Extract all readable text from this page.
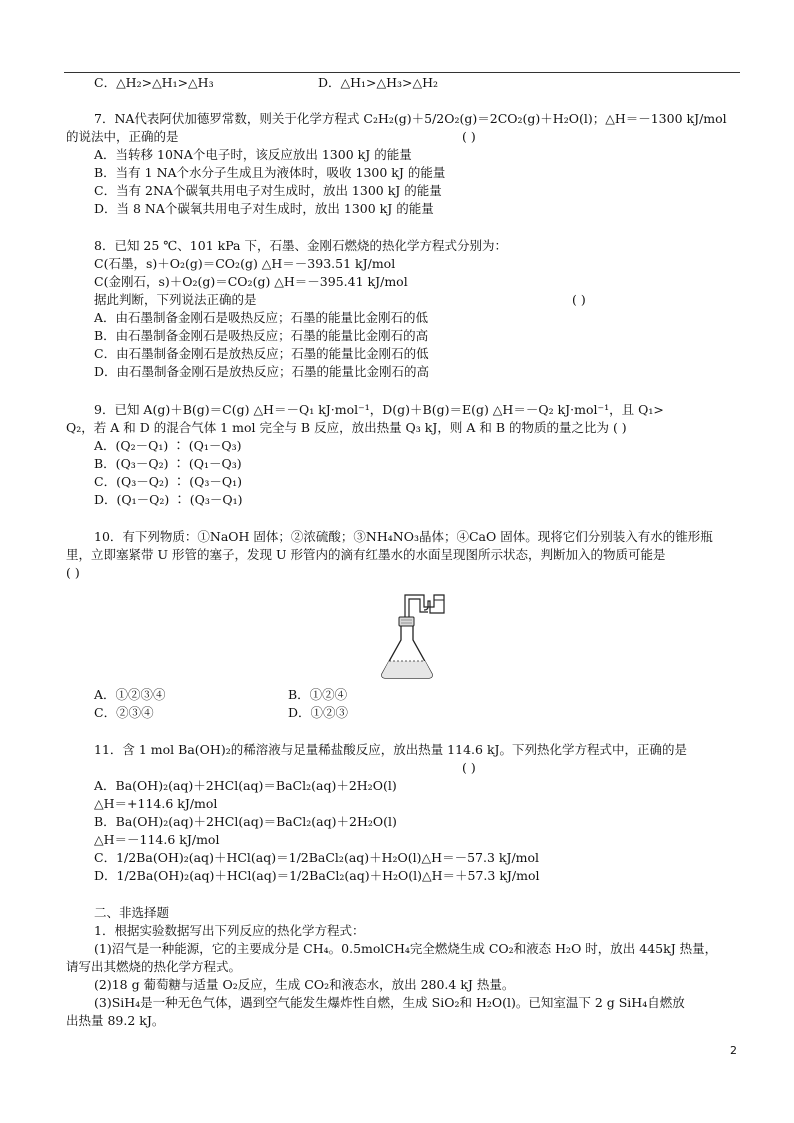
C．△H₂>△H₁>△H₃	D．△H₁>△H₃>△H₂
7．NA代表阿伏加德罗常数，则关于化学方程式 C₂H₂(g)＋5/2O₂(g)＝2CO₂(g)＋H₂O(l)；△H＝－1300 kJ/mol
的说法中，正确的是	( )
A．当转移 10NA个电子时，该反应放出 1300 kJ 的能量
B．当有 1 NA个水分子生成且为液体时，吸收 1300 kJ 的能量
C．当有 2NA个碳氧共用电子对生成时，放出 1300 kJ 的能量
D．当 8 NA个碳氧共用电子对生成时，放出 1300 kJ 的能量
8．已知 25 ℃、101 kPa 下，石墨、金刚石燃烧的热化学方程式分别为：
C(石墨，s)＋O₂(g)＝CO₂(g) △H＝－393.51 kJ/mol
C(金刚石，s)＋O₂(g)＝CO₂(g) △H＝－395.41 kJ/mol
据此判断，下列说法正确的是	( )
A．由石墨制备金刚石是吸热反应；石墨的能量比金刚石的低
B．由石墨制备金刚石是吸热反应；石墨的能量比金刚石的高
C．由石墨制备金刚石是放热反应；石墨的能量比金刚石的低
D．由石墨制备金刚石是放热反应；石墨的能量比金刚石的高
9．已知 A(g)＋B(g)＝C(g) △H＝－Q₁ kJ·mol⁻¹，D(g)＋B(g)＝E(g) △H＝－Q₂ kJ·mol⁻¹，且 Q₁>
Q₂，若 A 和 D 的混合气体 1 mol 完全与 B 反应，放出热量 Q₃ kJ，则 A 和 B 的物质的量之比为 ( )
A．(Q₂－Q₁) ∶ (Q₁－Q₃)
B．(Q₃－Q₂) ∶ (Q₁－Q₃)
C．(Q₃－Q₂) ∶ (Q₃－Q₁)
D．(Q₁－Q₂) ∶ (Q₃－Q₁)
10．有下列物质：①NaOH 固体；②浓硫酸；③NH₄NO₃晶体；④CaO 固体。现将它们分别装入有水的锥形瓶
里，立即塞紧带 U 形管的塞子，发现 U 形管内的滴有红墨水的水面呈现图所示状态，判断加入的物质可能是
( )
A．①②③④	B．①②④
C．②③④	D．①②③
11．含 1 mol Ba(OH)₂的稀溶液与足量稀盐酸反应，放出热量 114.6 kJ。下列热化学方程式中，正确的是
( )
A．Ba(OH)₂(aq)＋2HCl(aq)＝BaCl₂(aq)＋2H₂O(l)
△H＝+114.6 kJ/mol
B．Ba(OH)₂(aq)＋2HCl(aq)＝BaCl₂(aq)＋2H₂O(l)
△H＝－114.6 kJ/mol
C．1/2Ba(OH)₂(aq)＋HCl(aq)＝1/2BaCl₂(aq)＋H₂O(l)△H＝－57.3 kJ/mol
D．1/2Ba(OH)₂(aq)＋HCl(aq)＝1/2BaCl₂(aq)＋H₂O(l)△H＝＋57.3 kJ/mol
二、非选择题
1．根据实验数据写出下列反应的热化学方程式：
(1)沼气是一种能源，它的主要成分是 CH₄。0.5molCH₄完全燃烧生成 CO₂和液态 H₂O 时，放出 445kJ 热量，
请写出其燃烧的热化学方程式。
(2)18 g 葡萄糖与适量 O₂反应，生成 CO₂和液态水，放出 280.4 kJ 热量。
(3)SiH₄是一种无色气体，遇到空气能发生爆炸性自燃，生成 SiO₂和 H₂O(l)。已知室温下 2 g SiH₄自燃放
出热量 89.2 kJ。
2
